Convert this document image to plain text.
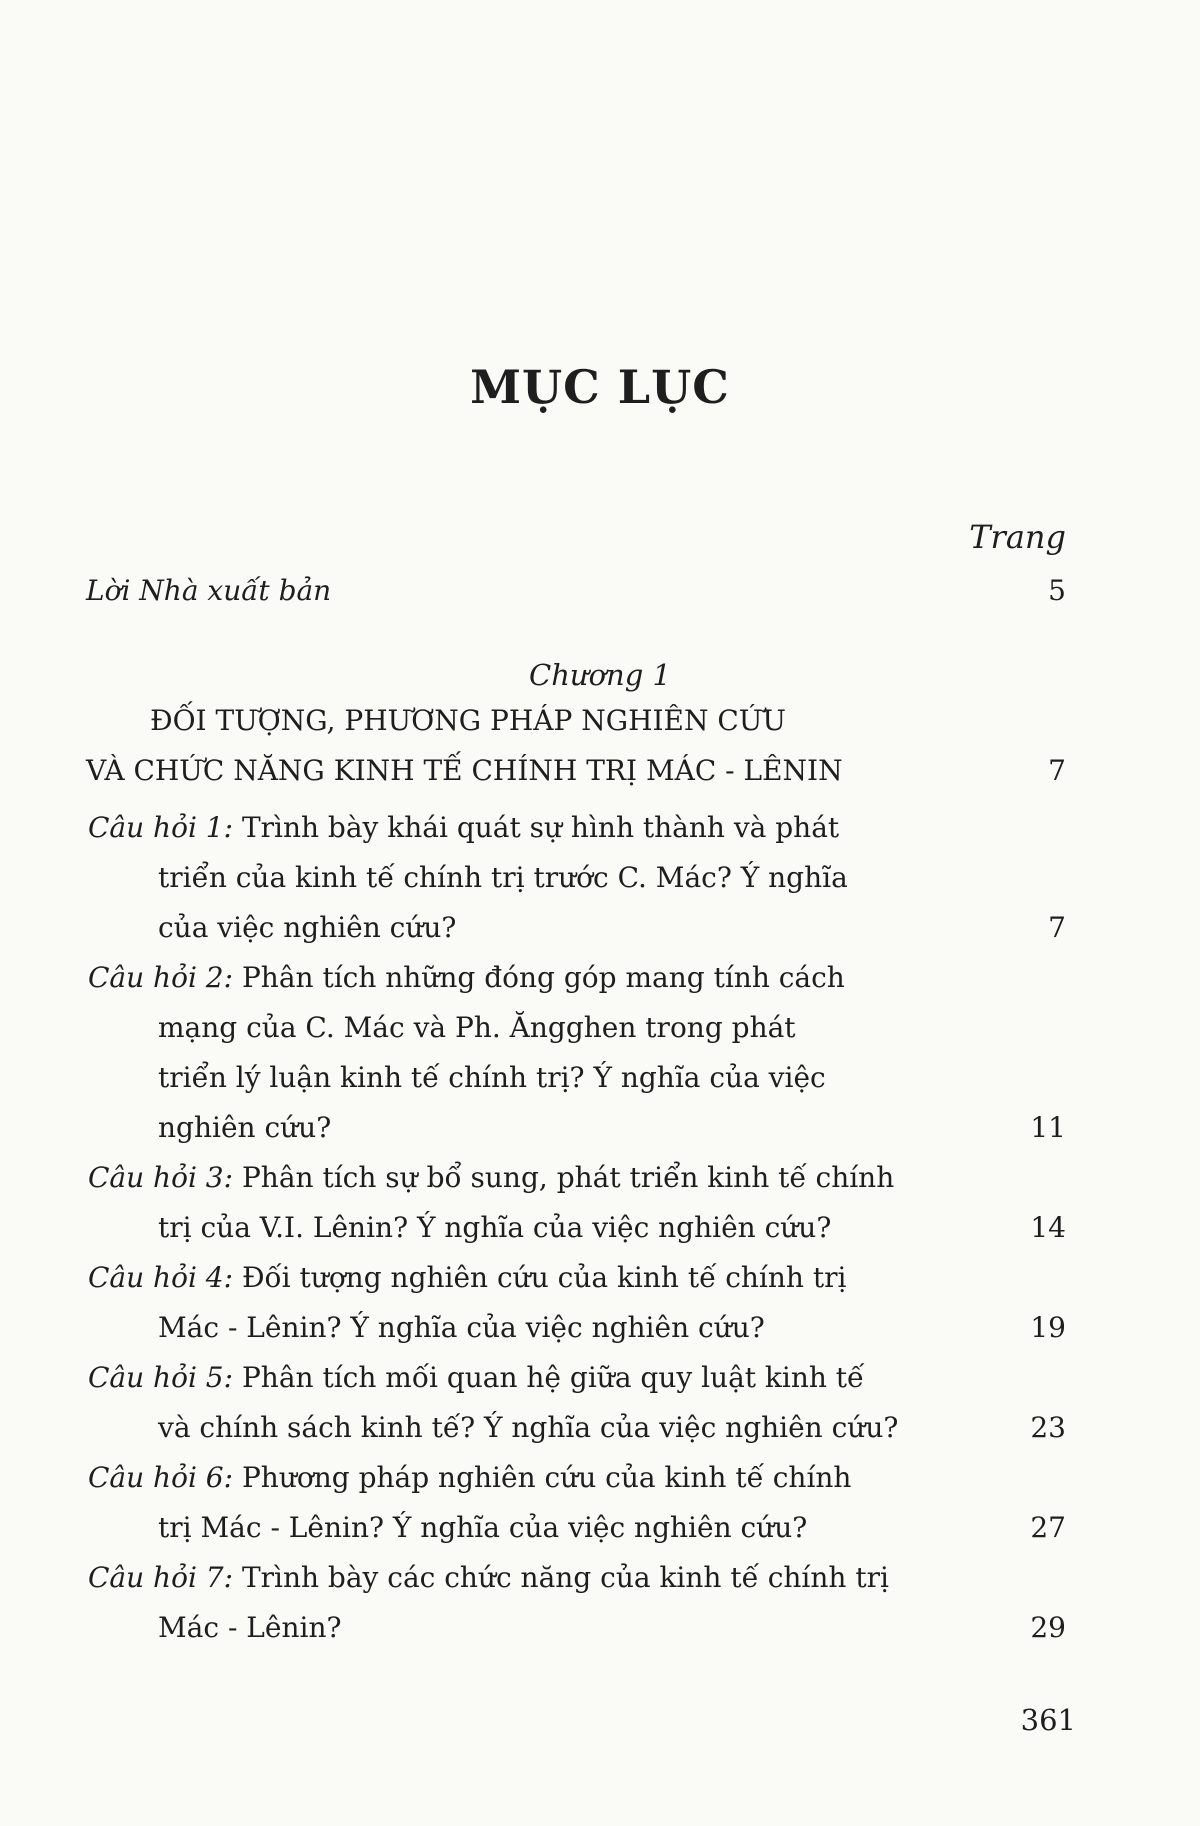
MỤC LỤC
Trang
Lời Nhà xuất bản	5
Chương 1
ĐỐI TƯỢNG, PHƯƠNG PHÁP NGHIÊN CỨU
VÀ CHỨC NĂNG KINH TẾ CHÍNH TRỊ MÁC - LÊNIN	7
Câu hỏi 1: Trình bày khái quát sự hình thành và phát
triển của kinh tế chính trị trước C. Mác? Ý nghĩa
của việc nghiên cứu?	7
Câu hỏi 2: Phân tích những đóng góp mang tính cách
mạng của C. Mác và Ph. Ăngghen trong phát
triển lý luận kinh tế chính trị? Ý nghĩa của việc
nghiên cứu?	11
Câu hỏi 3: Phân tích sự bổ sung, phát triển kinh tế chính
trị của V.I. Lênin? Ý nghĩa của việc nghiên cứu?	14
Câu hỏi 4: Đối tượng nghiên cứu của kinh tế chính trị
Mác - Lênin? Ý nghĩa của việc nghiên cứu?	19
Câu hỏi 5: Phân tích mối quan hệ giữa quy luật kinh tế
và chính sách kinh tế? Ý nghĩa của việc nghiên cứu?	23
Câu hỏi 6: Phương pháp nghiên cứu của kinh tế chính
trị Mác - Lênin? Ý nghĩa của việc nghiên cứu?	27
Câu hỏi 7: Trình bày các chức năng của kinh tế chính trị
Mác - Lênin?	29
361
